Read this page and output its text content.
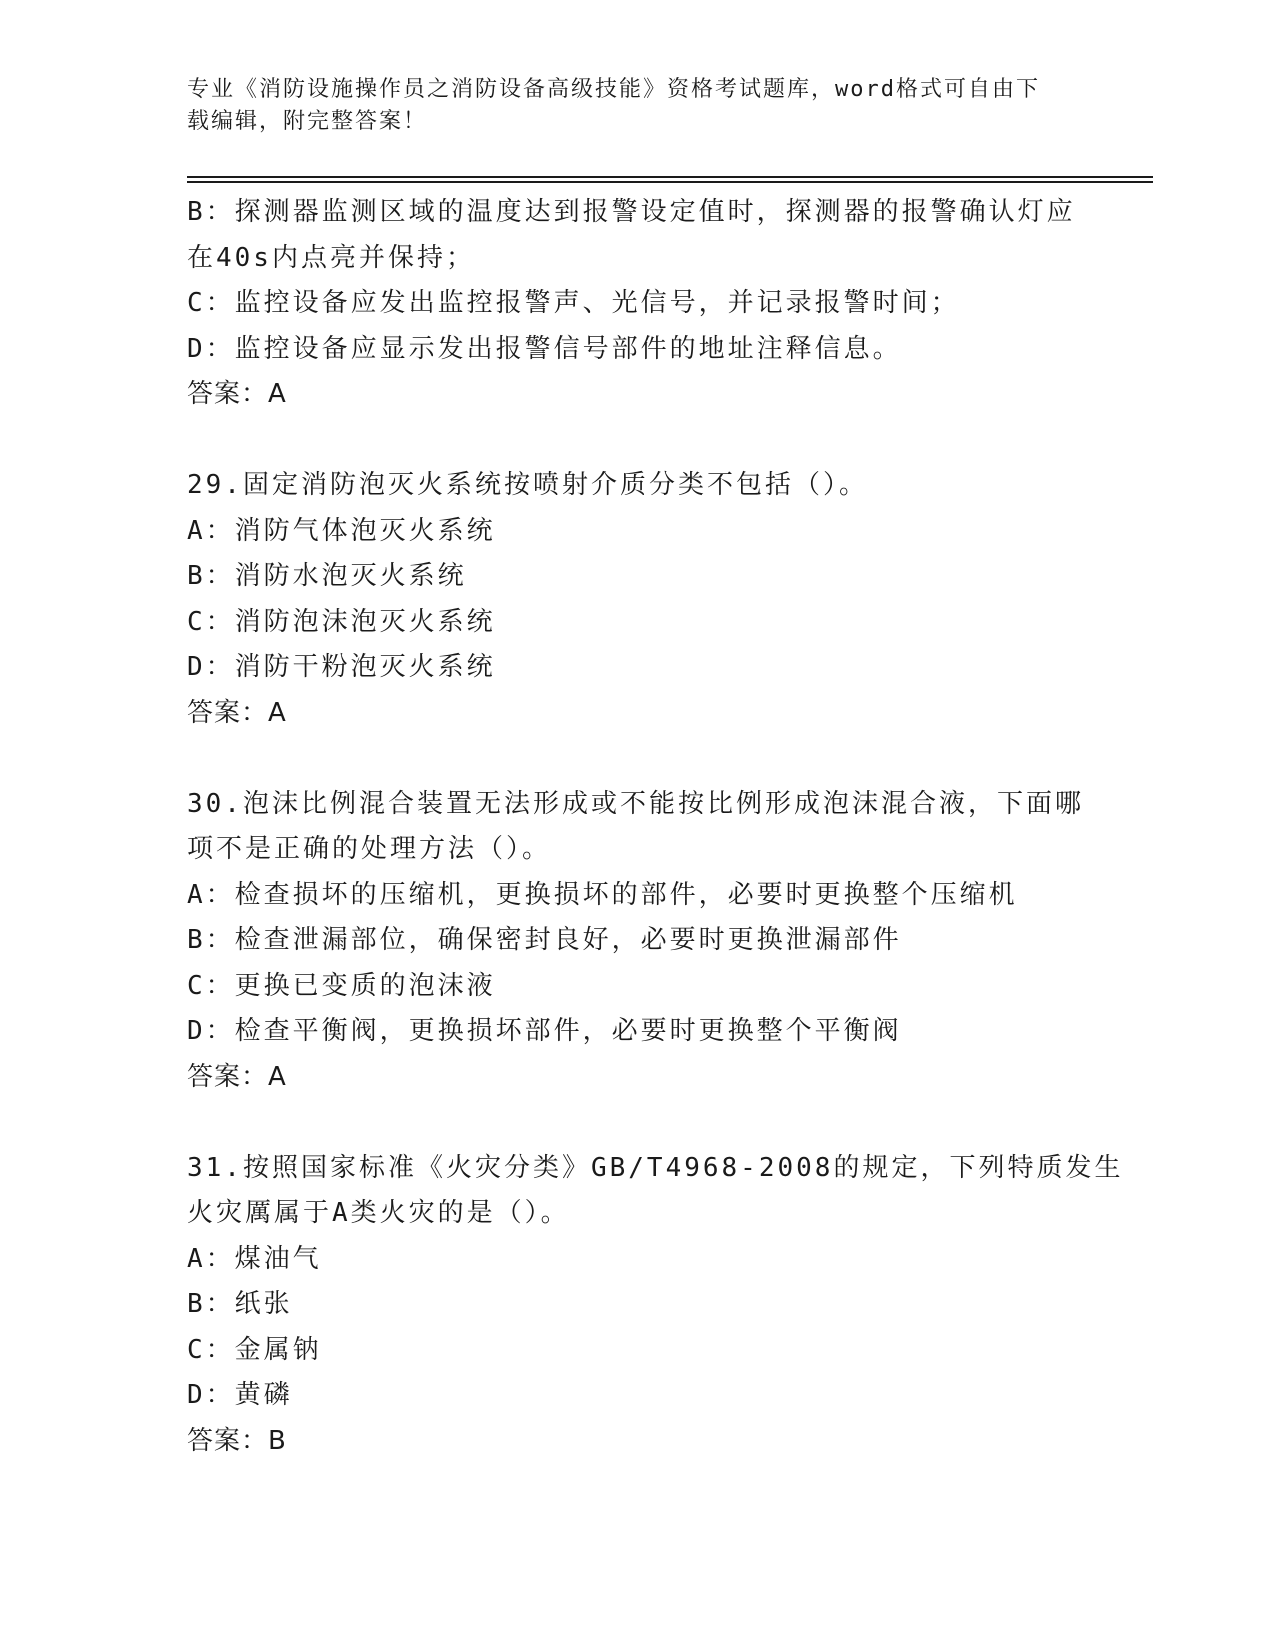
专业《消防设施操作员之消防设备高级技能》资格考试题库，word格式可自由下
载编辑，附完整答案！
B：探测器监测区域的温度达到报警设定值时，探测器的报警确认灯应
在40s内点亮并保持；
C：监控设备应发出监控报警声、光信号，并记录报警时间；
D：监控设备应显示发出报警信号部件的地址注释信息。
答案：A
29.固定消防泡灭火系统按喷射介质分类不包括（）。
A：消防气体泡灭火系统
B：消防水泡灭火系统
C：消防泡沫泡灭火系统
D：消防干粉泡灭火系统
答案：A
30.泡沫比例混合装置无法形成或不能按比例形成泡沫混合液，下面哪
项不是正确的处理方法（）。
A：检查损坏的压缩机，更换损坏的部件，必要时更换整个压缩机
B：检查泄漏部位，确保密封良好，必要时更换泄漏部件
C：更换已变质的泡沫液
D：检查平衡阀，更换损坏部件，必要时更换整个平衡阀
答案：A
31.按照国家标准《火灾分类》GB/T4968-2008的规定，下列特质发生
火灾厲属于A类火灾的是（）。
A：煤油气
B：纸张
C：金属钠
D：黄磷
答案：B
